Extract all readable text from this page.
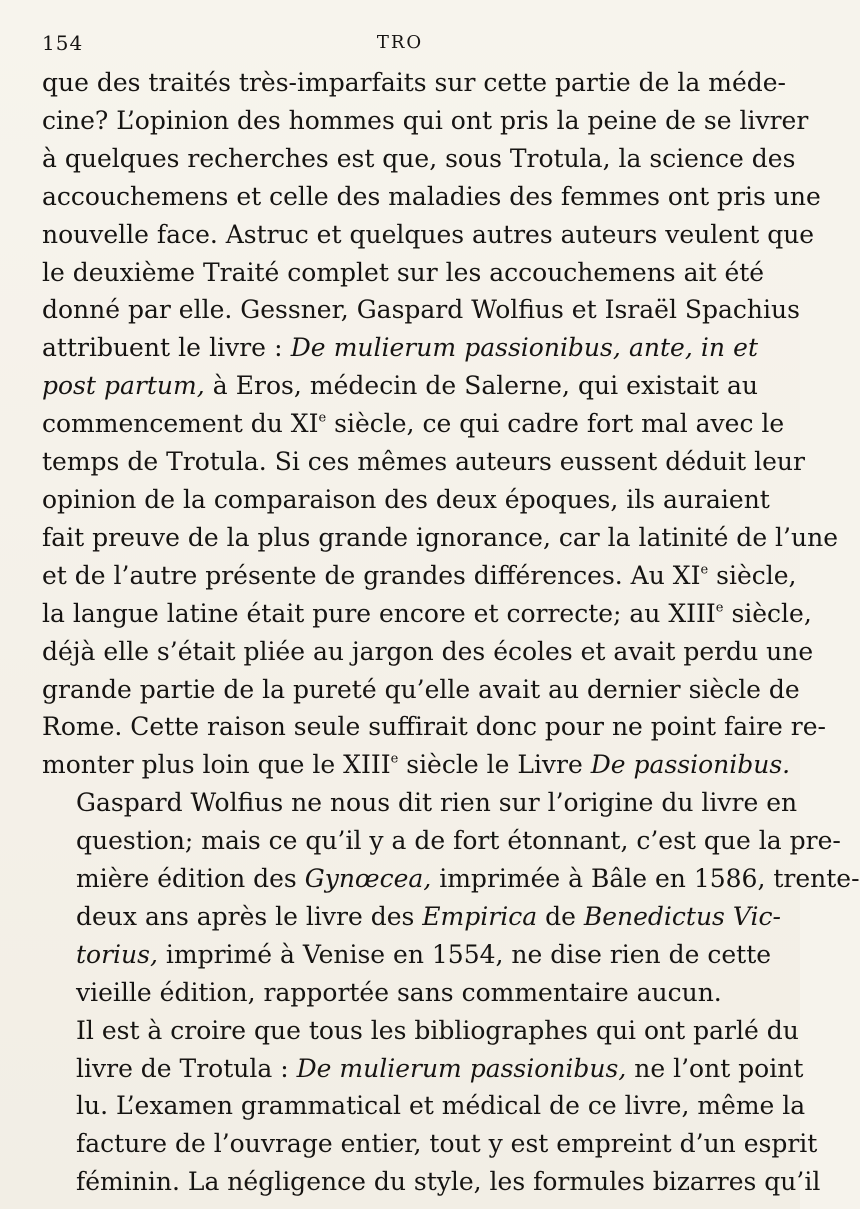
154	TRO
que des traités très-imparfaits sur cette partie de la méde-
cine? L’opinion des hommes qui ont pris la peine de se livrer
à quelques recherches est que, sous Trotula, la science des
accouchemens et celle des maladies des femmes ont pris une
nouvelle face. Astruc et quelques autres auteurs veulent que
le deuxième Traité complet sur les accouchemens ait été
donné par elle. Gessner, Gaspard Wolfius et Israël Spachius
attribuent le livre : De mulierum passionibus, ante, in et
post partum, à Eros, médecin de Salerne, qui existait au
commencement du XIe siècle, ce qui cadre fort mal avec le
temps de Trotula. Si ces mêmes auteurs eussent déduit leur
opinion de la comparaison des deux époques, ils auraient
fait preuve de la plus grande ignorance, car la latinité de l’une
et de l’autre présente de grandes différences. Au XIe siècle,
la langue latine était pure encore et correcte; au XIIIe siècle,
déjà elle s’était pliée au jargon des écoles et avait perdu une
grande partie de la pureté qu’elle avait au dernier siècle de
Rome. Cette raison seule suffirait donc pour ne point faire re-
monter plus loin que le XIIIe siècle le Livre De passionibus.
Gaspard Wolfius ne nous dit rien sur l’origine du livre en
question; mais ce qu’il y a de fort étonnant, c’est que la pre-
mière édition des Gynœcea, imprimée à Bâle en 1586, trente-
deux ans après le livre des Empirica de Benedictus Vic-
torius, imprimé à Venise en 1554, ne dise rien de cette
vieille édition, rapportée sans commentaire aucun.
Il est à croire que tous les bibliographes qui ont parlé du
livre de Trotula : De mulierum passionibus, ne l’ont point
lu. L’examen grammatical et médical de ce livre, même la
facture de l’ouvrage entier, tout y est empreint d’un esprit
féminin. La négligence du style, les formules bizarres qu’il
